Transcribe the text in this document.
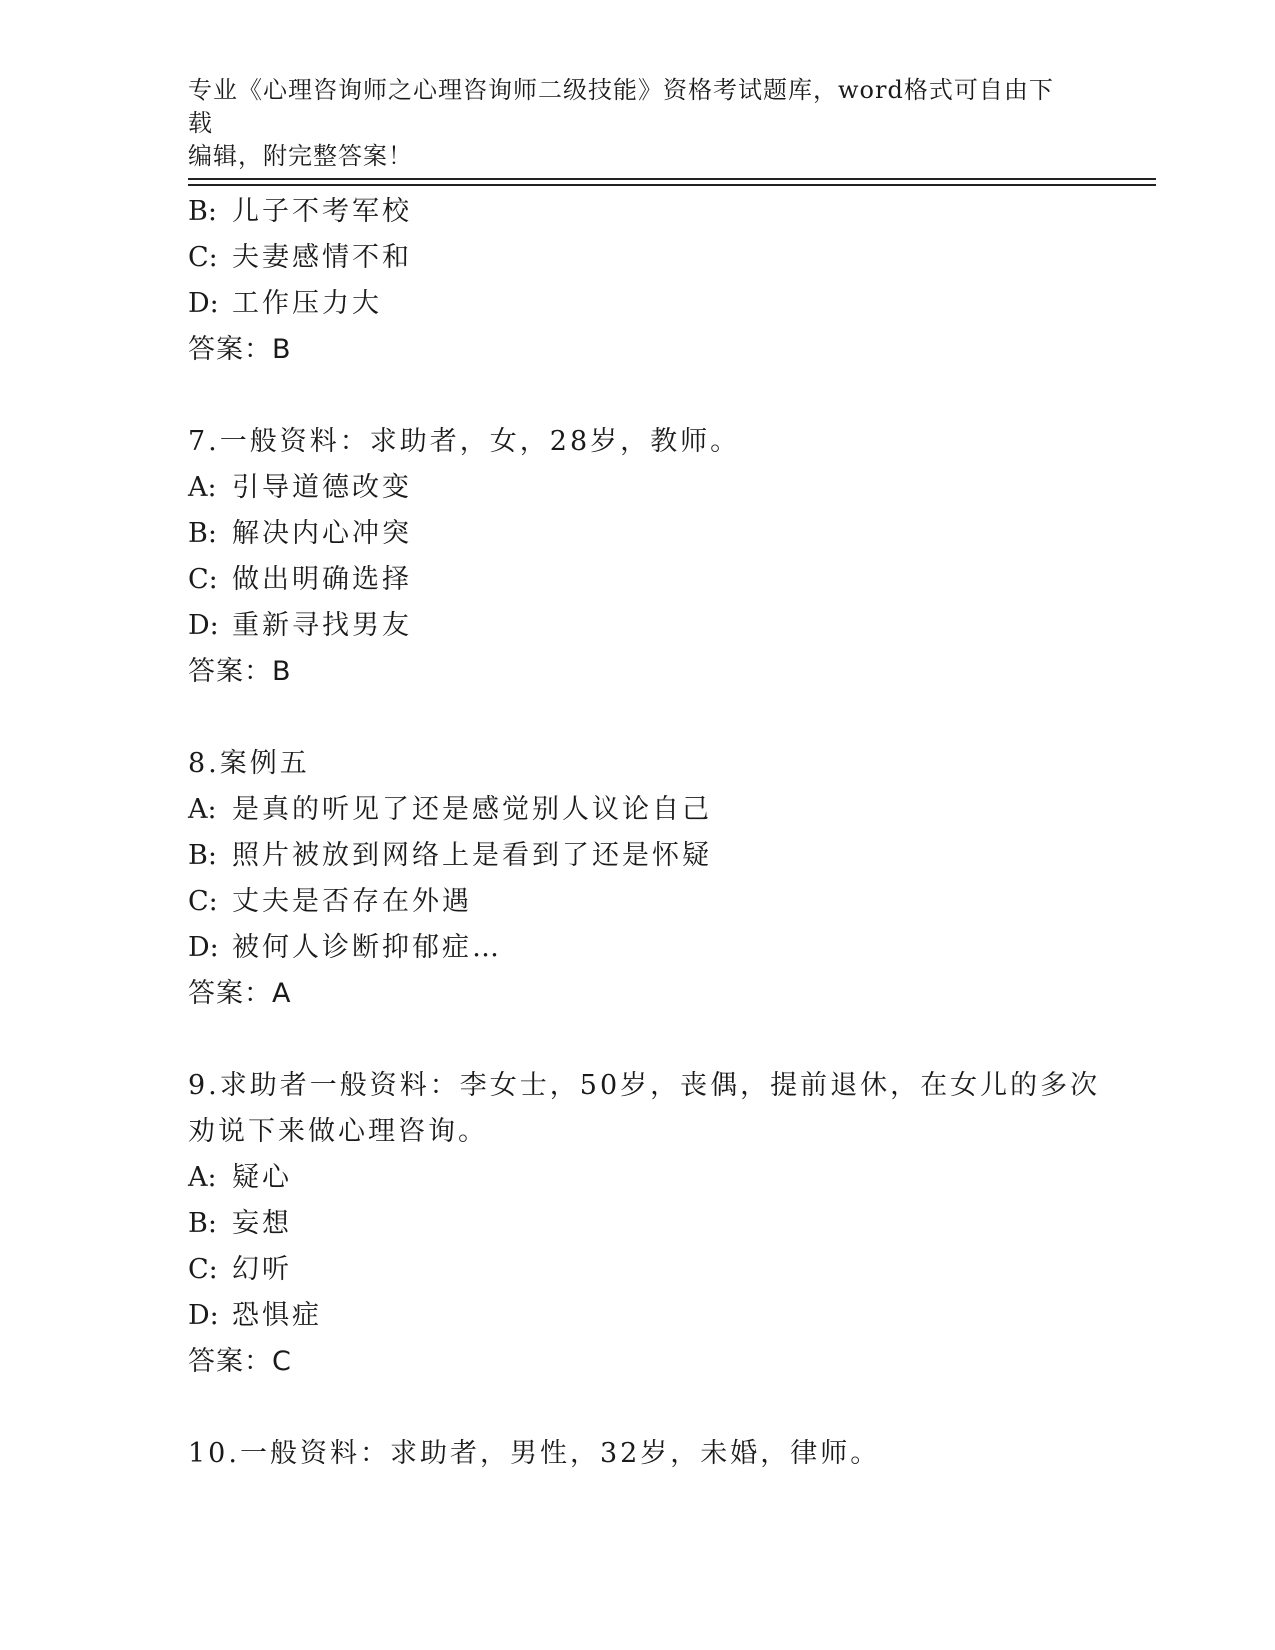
专业《心理咨询师之心理咨询师二级技能》资格考试题库，word格式可自由下载
编辑，附完整答案！
B: 儿子不考军校
C: 夫妻感情不和
D: 工作压力大
答案：B
7.一般资料：求助者，女，28岁，教师。
A: 引导道德改变
B: 解决内心冲突
C: 做出明确选择
D: 重新寻找男友
答案：B
8.案例五
A: 是真的听见了还是感觉别人议论自己
B: 照片被放到网络上是看到了还是怀疑
C: 丈夫是否存在外遇
D: 被何人诊断抑郁症…
答案：A
9.求助者一般资料：李女士，50岁，丧偶，提前退休，在女儿的多次
劝说下来做心理咨询。
A: 疑心
B: 妄想
C: 幻听
D: 恐惧症
答案：C
10.一般资料：求助者，男性，32岁，未婚，律师。
